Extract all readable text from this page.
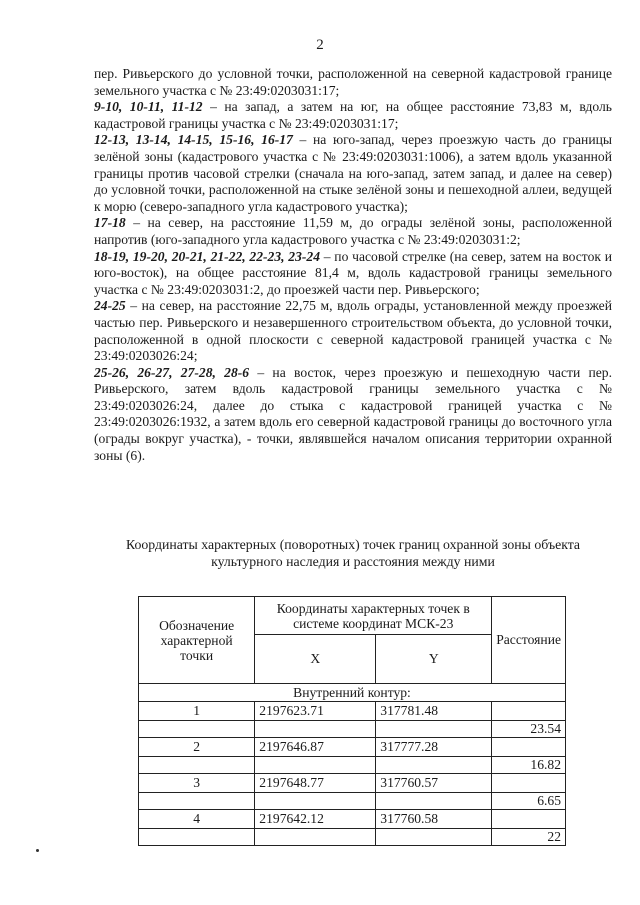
2

пер. Ривьерского до условной точки, расположенной на северной кадастровой границе земельного участка с № 23:49:0203031:17;

9-10, 10-11, 11-12 – на запад, а затем на юг, на общее расстояние 73,83 м, вдоль кадастровой границы участка с № 23:49:0203031:17;

12-13, 13-14, 14-15, 15-16, 16-17 – на юго-запад, через проезжую часть до границы зелёной зоны (кадастрового участка с № 23:49:0203031:1006), а затем вдоль указанной границы против часовой стрелки (сначала на юго-запад, затем запад, и далее на север) до условной точки, расположенной на стыке зелёной зоны и пешеходной аллеи, ведущей к морю (северо-западного угла кадастрового участка);

17-18 – на север, на расстояние 11,59 м, до ограды зелёной зоны, расположенной напротив (юго-западного угла кадастрового участка с № 23:49:0203031:2;

18-19, 19-20, 20-21, 21-22, 22-23, 23-24 – по часовой стрелке (на север, затем на восток и юго-восток), на общее расстояние 81,4 м, вдоль кадастровой границы земельного участка с № 23:49:0203031:2, до проезжей части пер. Ривьерского;

24-25 – на север, на расстояние 22,75 м, вдоль ограды, установленной между проезжей частью пер. Ривьерского и незавершенного строительством объекта, до условной точки, расположенной в одной плоскости с северной кадастровой границей участка с № 23:49:0203026:24;

25-26, 26-27, 27-28, 28-6 – на восток, через проезжую и пешеходную части пер. Ривьерского, затем вдоль кадастровой границы земельного участка с № 23:49:0203026:24, далее до стыка с кадастровой границей участка с № 23:49:0203026:1932, а затем вдоль его северной кадастровой границы до восточного угла (ограды вокруг участка), - точки, являвшейся началом описания территории охранной зоны (6).

Координаты характерных (поворотных) точек границ охранной зоны объекта культурного наследия и расстояния между ними
Обозначение характерной точки	Координаты характерных точек в системе координат МСК-23		Расстояние
	X	Y	
Внутренний контур:			
1	2197623.71	317781.48	
			23.54
2	2197646.87	317777.28	
			16.82
3	2197648.77	317760.57	
			6.65
4	2197642.12	317760.58	
			22
